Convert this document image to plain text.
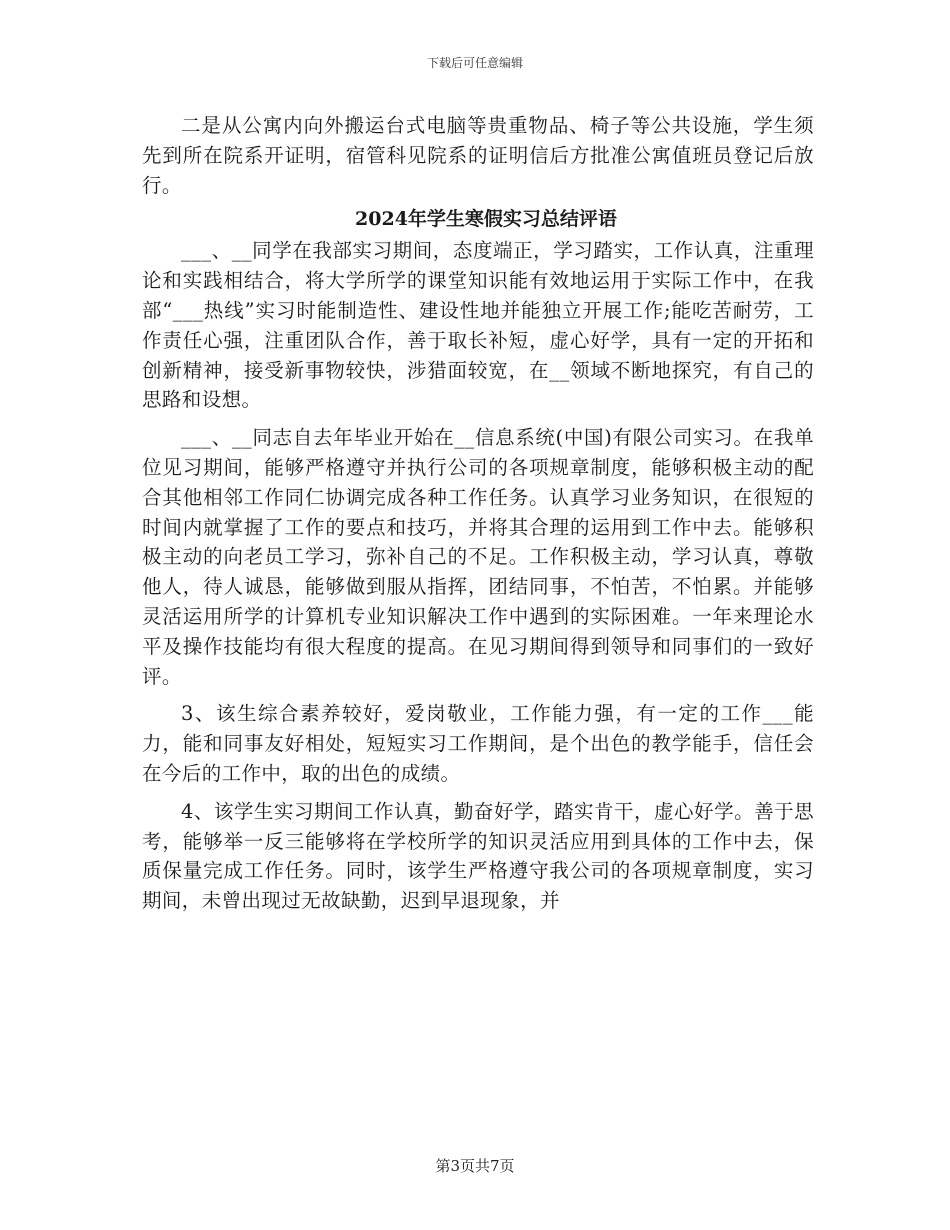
下载后可任意编辑

二是从公寓内向外搬运台式电脑等贵重物品、椅子等公共设施，学生须先到所在院系开证明，宿管科见院系的证明信后方批准公寓值班员登记后放行。

2024年学生寒假实习总结评语

___、__同学在我部实习期间，态度端正，学习踏实，工作认真，注重理论和实践相结合，将大学所学的课堂知识能有效地运用于实际工作中，在我部“___热线”实习时能制造性、建设性地并能独立开展工作;能吃苦耐劳，工作责任心强，注重团队合作，善于取长补短，虚心好学，具有一定的开拓和创新精神，接受新事物较快，涉猎面较宽，在__领域不断地探究，有自己的思路和设想。

___、__同志自去年毕业开始在__信息系统(中国)有限公司实习。在我单位见习期间，能够严格遵守并执行公司的各项规章制度，能够积极主动的配合其他相邻工作同仁协调完成各种工作任务。认真学习业务知识，在很短的时间内就掌握了工作的要点和技巧，并将其合理的运用到工作中去。能够积极主动的向老员工学习，弥补自己的不足。工作积极主动，学习认真，尊敬他人，待人诚恳，能够做到服从指挥，团结同事，不怕苦，不怕累。并能够灵活运用所学的计算机专业知识解决工作中遇到的实际困难。一年来理论水平及操作技能均有很大程度的提高。在见习期间得到领导和同事们的一致好评。

3、该生综合素养较好，爱岗敬业，工作能力强，有一定的工作___能力，能和同事友好相处，短短实习工作期间，是个出色的教学能手，信任会在今后的工作中，取的出色的成绩。

4、该学生实习期间工作认真，勤奋好学，踏实肯干，虚心好学。善于思考，能够举一反三能够将在学校所学的知识灵活应用到具体的工作中去，保质保量完成工作任务。同时，该学生严格遵守我公司的各项规章制度，实习期间，未曾出现过无故缺勤，迟到早退现象，并

第3页共7页
